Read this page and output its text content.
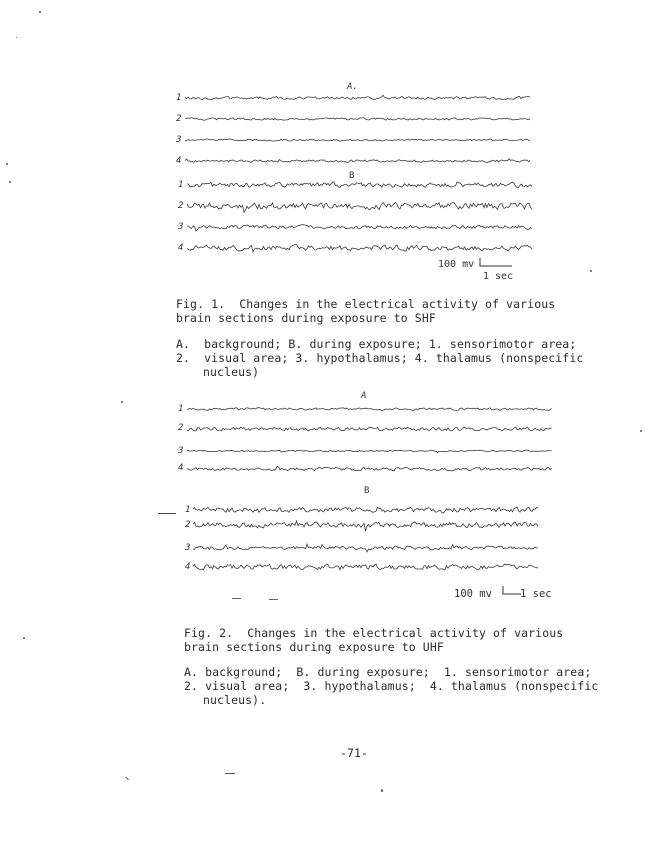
A.
1
2
3
4
B
1
2
3
4
100 mv
1 sec
Fig. 1.  Changes in the electrical activity of various
brain sections during exposure to SHF
A.  background; B. during exposure; 1. sensorimotor area;
2.  visual area; 3. hypothalamus; 4. thalamus (nonspecific
nucleus)
A
1
2
3
4
B
1
2
3
4
100 mv	1 sec
Fig. 2.  Changes in the electrical activity of various
brain sections during exposure to UHF
A. background;  B. during exposure;  1. sensorimotor area;
2. visual area;  3. hypothalamus;  4. thalamus (nonspecific
nucleus).
-71-
